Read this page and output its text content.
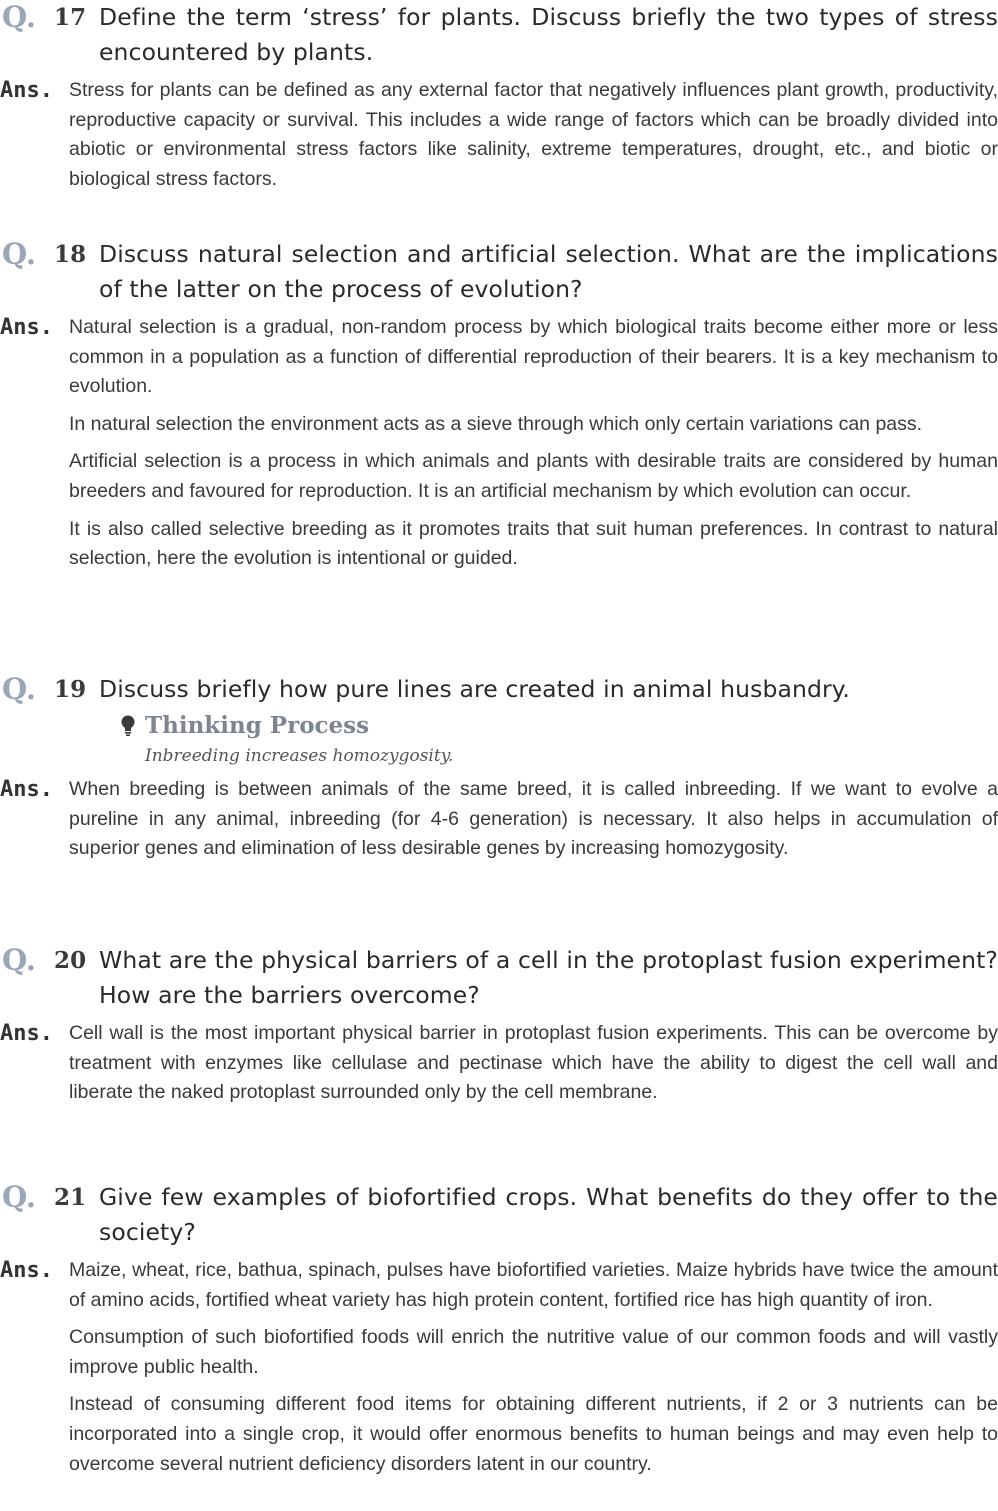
Q. 17 Define the term ‘stress’ for plants. Discuss briefly the two types of stress encountered by plants.
Ans. Stress for plants can be defined as any external factor that negatively influences plant growth, productivity, reproductive capacity or survival. This includes a wide range of factors which can be broadly divided into abiotic or environmental stress factors like salinity, extreme temperatures, drought, etc., and biotic or biological stress factors.

Q. 18 Discuss natural selection and artificial selection. What are the implications of the latter on the process of evolution?
Ans. Natural selection is a gradual, non-random process by which biological traits become either more or less common in a population as a function of differential reproduction of their bearers. It is a key mechanism to evolution.

In natural selection the environment acts as a sieve through which only certain variations can pass.

Artificial selection is a process in which animals and plants with desirable traits are considered by human breeders and favoured for reproduction. It is an artificial mechanism by which evolution can occur.

It is also called selective breeding as it promotes traits that suit human preferences. In contrast to natural selection, here the evolution is intentional or guided.

Q. 19 Discuss briefly how pure lines are created in animal husbandry.
Thinking Process
Inbreeding increases homozygosity.
Ans. When breeding is between animals of the same breed, it is called inbreeding. If we want to evolve a pureline in any animal, inbreeding (for 4-6 generation) is necessary. It also helps in accumulation of superior genes and elimination of less desirable genes by increasing homozygosity.

Q. 20 What are the physical barriers of a cell in the protoplast fusion experiment? How are the barriers overcome?
Ans. Cell wall is the most important physical barrier in protoplast fusion experiments. This can be overcome by treatment with enzymes like cellulase and pectinase which have the ability to digest the cell wall and liberate the naked protoplast surrounded only by the cell membrane.

Q. 21 Give few examples of biofortified crops. What benefits do they offer to the society?
Ans. Maize, wheat, rice, bathua, spinach, pulses have biofortified varieties. Maize hybrids have twice the amount of amino acids, fortified wheat variety has high protein content, fortified rice has high quantity of iron.

Consumption of such biofortified foods will enrich the nutritive value of our common foods and will vastly improve public health.

Instead of consuming different food items for obtaining different nutrients, if 2 or 3 nutrients can be incorporated into a single crop, it would offer enormous benefits to human beings and may even help to overcome several nutrient deficiency disorders latent in our country.
